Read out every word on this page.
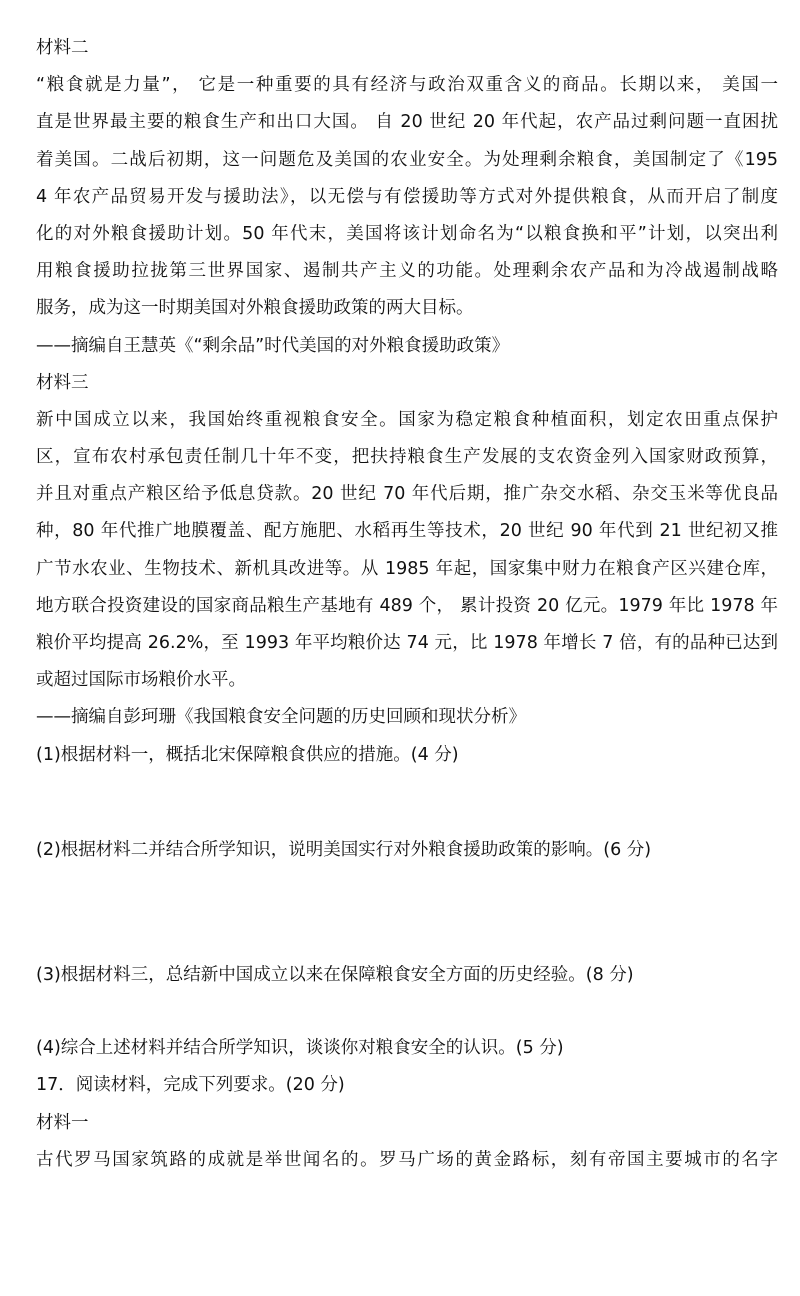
材料二
“粮食就是力量”， 它是一种重要的具有经济与政治双重含义的商品。长期以来， 美国一
直是世界最主要的粮食生产和出口大国。 自 20 世纪 20 年代起，农产品过剩问题一直困扰
着美国。二战后初期，这一问题危及美国的农业安全。为处理剩余粮食，美国制定了《195
4 年农产品贸易开发与援助法》，以无偿与有偿援助等方式对外提供粮食，从而开启了制度
化的对外粮食援助计划。50 年代末，美国将该计划命名为“以粮食换和平”计划，以突出利
用粮食援助拉拢第三世界国家、遏制共产主义的功能。处理剩余农产品和为冷战遏制战略
服务，成为这一时期美国对外粮食援助政策的两大目标。
——摘编自王慧英《“剩余品”时代美国的对外粮食援助政策》
材料三
新中国成立以来，我国始终重视粮食安全。国家为稳定粮食种植面积，划定农田重点保护
区，宣布农村承包责任制几十年不变，把扶持粮食生产发展的支农资金列入国家财政预算，
并且对重点产粮区给予低息贷款。20 世纪 70 年代后期，推广杂交水稻、杂交玉米等优良品
种，80 年代推广地膜覆盖、配方施肥、水稻再生等技术，20 世纪 90 年代到 21 世纪初又推
广节水农业、生物技术、新机具改进等。从 1985 年起，国家集中财力在粮食产区兴建仓库，
地方联合投资建设的国家商品粮生产基地有 489 个， 累计投资 20 亿元。1979 年比 1978 年
粮价平均提高 26.2%，至 1993 年平均粮价达 74 元，比 1978 年增长 7 倍，有的品种已达到
或超过国际市场粮价水平。
——摘编自彭珂珊《我国粮食安全问题的历史回顾和现状分析》
(1)根据材料一，概括北宋保障粮食供应的措施。(4 分)
(2)根据材料二并结合所学知识，说明美国实行对外粮食援助政策的影响。(6 分)
(3)根据材料三，总结新中国成立以来在保障粮食安全方面的历史经验。(8 分)
(4)综合上述材料并结合所学知识，谈谈你对粮食安全的认识。(5 分)
17．阅读材料，完成下列要求。(20 分)
材料一
古代罗马国家筑路的成就是举世闻名的。罗马广场的黄金路标，刻有帝国主要城市的名字
